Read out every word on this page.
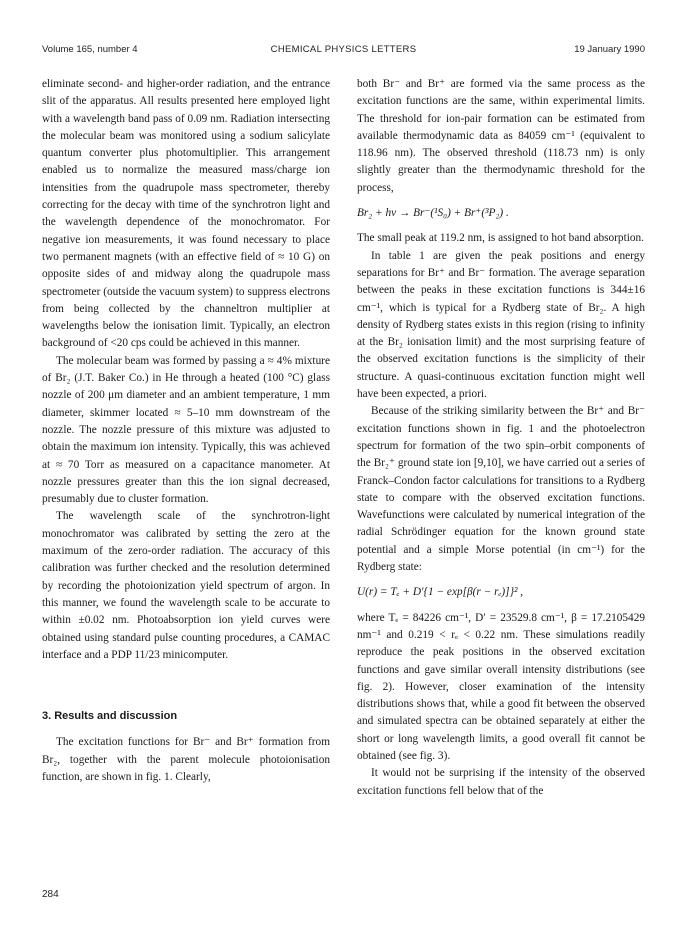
Volume 165, number 4	CHEMICAL PHYSICS LETTERS	19 January 1990

eliminate second- and higher-order radiation, and the entrance slit of the apparatus. All results presented here employed light with a wavelength band pass of 0.09 nm. Radiation intersecting the molecular beam was monitored using a sodium salicylate quantum converter plus photomultiplier. This arrangement enabled us to normalize the measured mass/charge ion intensities from the quadrupole mass spectrometer, thereby correcting for the decay with time of the synchrotron light and the wavelength dependence of the monochromator. For negative ion measurements, it was found necessary to place two permanent magnets (with an effective field of ≈ 10 G) on opposite sides of and midway along the quadrupole mass spectrometer (outside the vacuum system) to suppress electrons from being collected by the channeltron multiplier at wavelengths below the ionisation limit. Typically, an electron background of <20 cps could be achieved in this manner.

The molecular beam was formed by passing a ≈ 4% mixture of Br₂ (J.T. Baker Co.) in He through a heated (100 °C) glass nozzle of 200 μm diameter and an ambient temperature, 1 mm diameter, skimmer located ≈ 5–10 mm downstream of the nozzle. The nozzle pressure of this mixture was adjusted to obtain the maximum ion intensity. Typically, this was achieved at ≈ 70 Torr as measured on a capacitance manometer. At nozzle pressures greater than this the ion signal decreased, presumably due to cluster formation.

The wavelength scale of the synchrotron-light monochromator was calibrated by setting the zero at the maximum of the zero-order radiation. The accuracy of this calibration was further checked and the resolution determined by recording the photoionization yield spectrum of argon. In this manner, we found the wavelength scale to be accurate to within ±0.02 nm. Photoabsorption ion yield curves were obtained using standard pulse counting procedures, a CAMAC interface and a PDP 11/23 minicomputer.

3. Results and discussion

The excitation functions for Br⁻ and Br⁺ formation from Br₂, together with the parent molecule photoionisation function, are shown in fig. 1. Clearly,

both Br⁻ and Br⁺ are formed via the same process as the excitation functions are the same, within experimental limits. The threshold for ion-pair formation can be estimated from available thermodynamic data as 84059 cm⁻¹ (equivalent to 118.96 nm). The observed threshold (118.73 nm) is only slightly greater than the thermodynamic threshold for the process,

Br₂ + hν → Br⁻(¹S₀) + Br⁺(³P₂) .

The small peak at 119.2 nm, is assigned to hot band absorption.

In table 1 are given the peak positions and energy separations for Br⁺ and Br⁻ formation. The average separation between the peaks in these excitation functions is 344±16 cm⁻¹, which is typical for a Rydberg state of Br₂. A high density of Rydberg states exists in this region (rising to infinity at the Br₂ ionisation limit) and the most surprising feature of the observed excitation functions is the simplicity of their structure. A quasi-continuous excitation function might well have been expected, a priori.

Because of the striking similarity between the Br⁺ and Br⁻ excitation functions shown in fig. 1 and the photoelectron spectrum for formation of the two spin–orbit components of the Br₂⁺ ground state ion [9,10], we have carried out a series of Franck–Condon factor calculations for transitions to a Rydberg state to compare with the observed excitation functions. Wavefunctions were calculated by numerical integration of the radial Schrödinger equation for the known ground state potential and a simple Morse potential (in cm⁻¹) for the Rydberg state:

U(r) = Tₑ + D′{1 − exp[β(r − rₑ)]}² ,

where Tₑ = 84226 cm⁻¹, D′ = 23529.8 cm⁻¹, β = 17.2105429 nm⁻¹ and 0.219 < rₑ < 0.22 nm. These simulations readily reproduce the peak positions in the observed excitation functions and gave similar overall intensity distributions (see fig. 2). However, closer examination of the intensity distributions shows that, while a good fit between the observed and simulated spectra can be obtained separately at either the short or long wavelength limits, a good overall fit cannot be obtained (see fig. 3).

It would not be surprising if the intensity of the observed excitation functions fell below that of the

284
